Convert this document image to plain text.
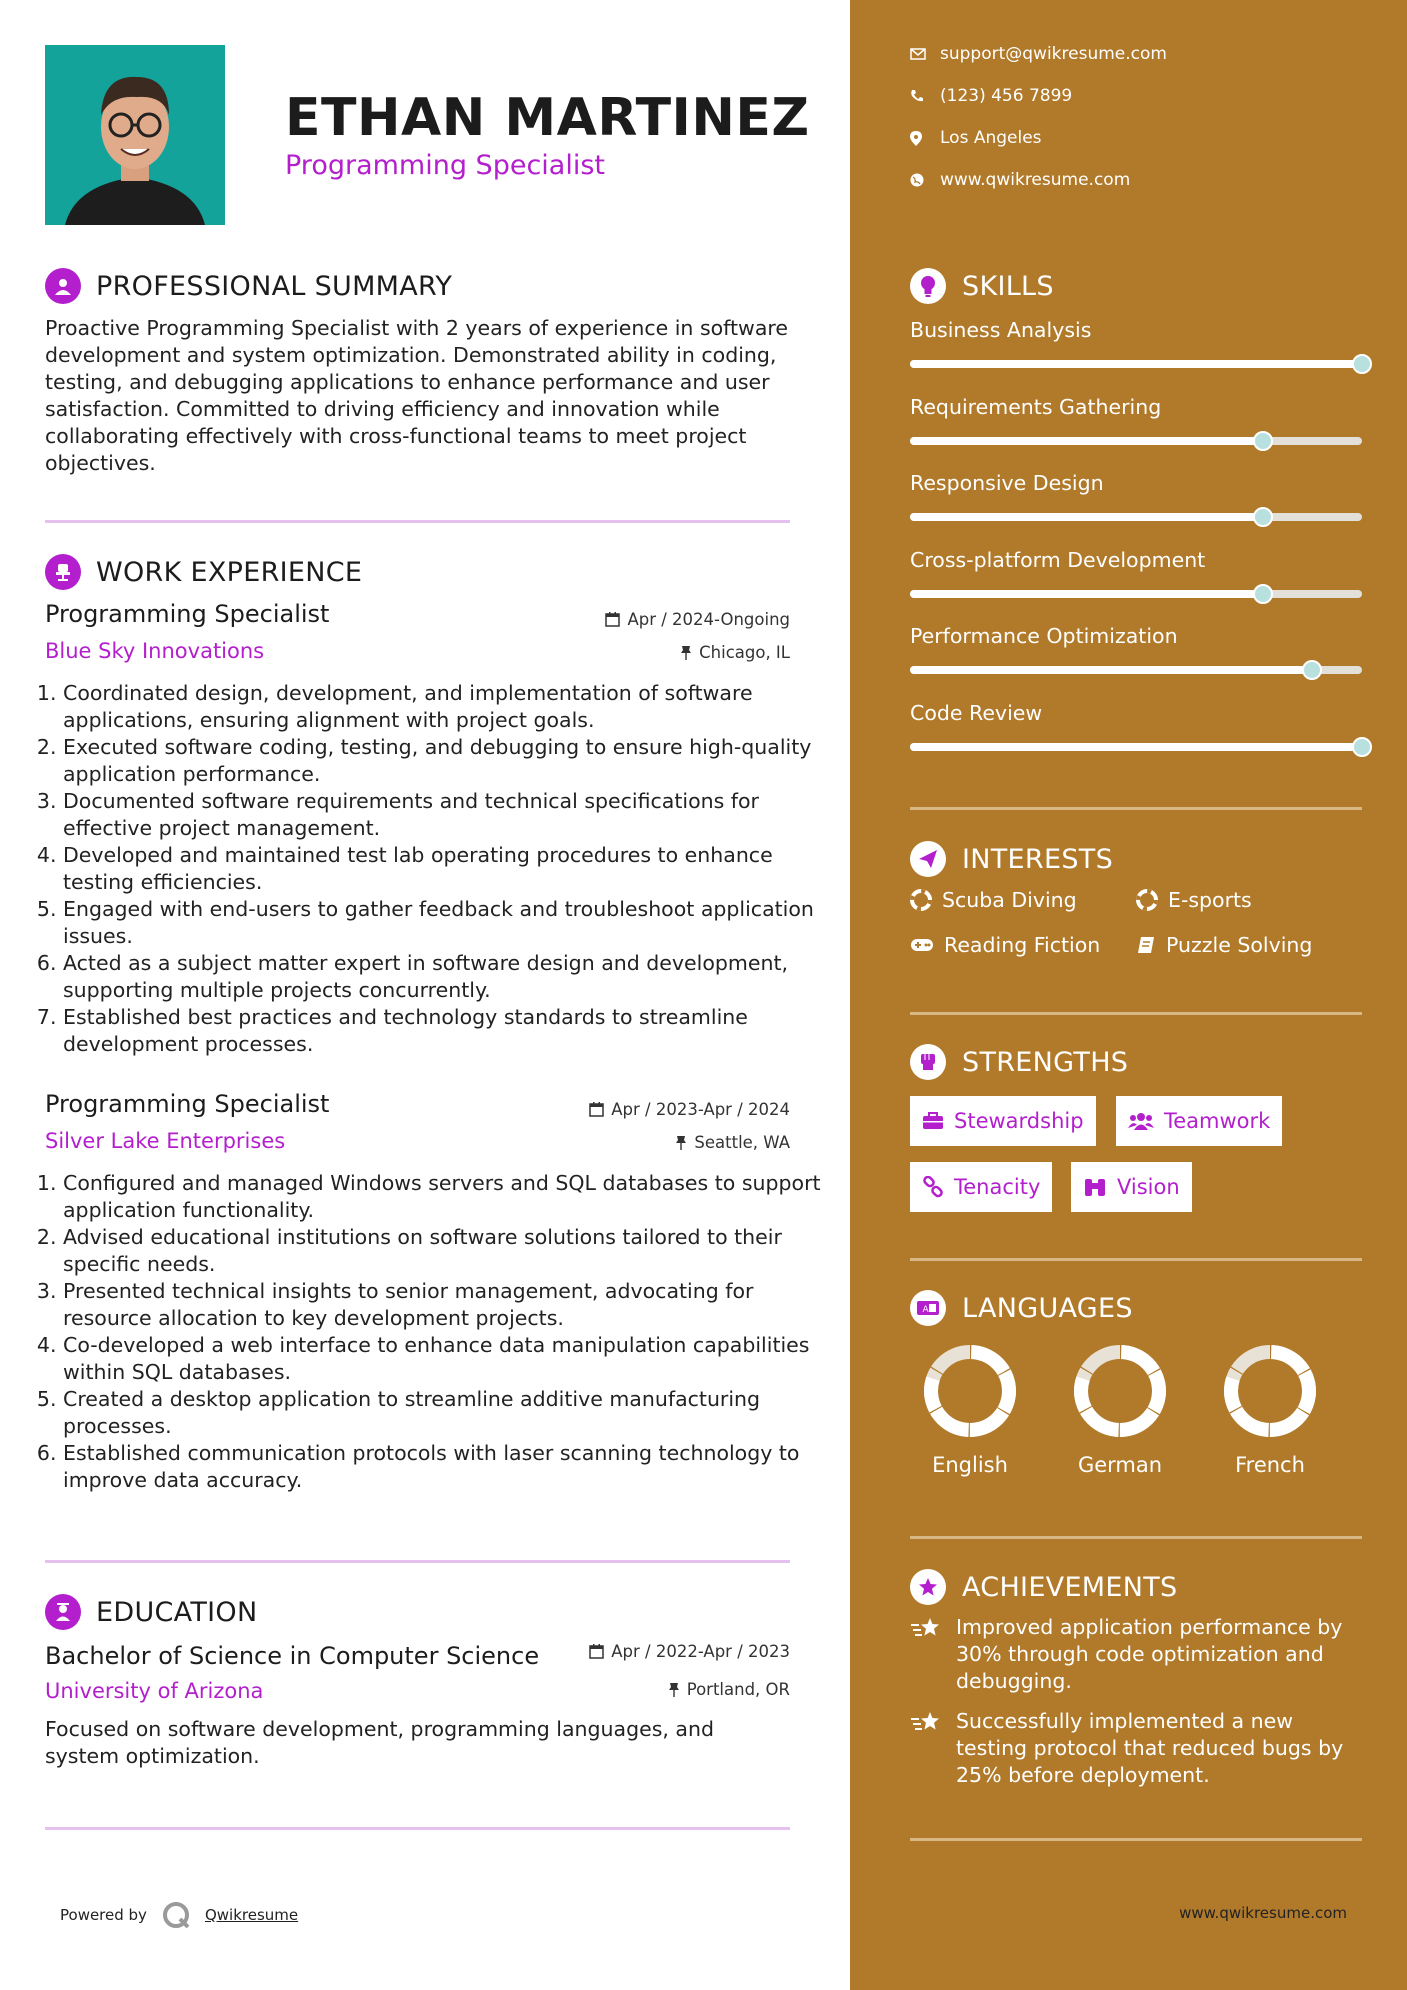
ETHAN MARTINEZ
Programming Specialist
PROFESSIONAL SUMMARY
Proactive Programming Specialist with 2 years of experience in software development and system optimization. Demonstrated ability in coding, testing, and debugging applications to enhance performance and user satisfaction. Committed to driving efficiency and innovation while collaborating effectively with cross-functional teams to meet project objectives.
WORK EXPERIENCE
Programming Specialist	Apr / 2024-Ongoing
Blue Sky Innovations	Chicago, IL
1. Coordinated design, development, and implementation of software applications, ensuring alignment with project goals.
2. Executed software coding, testing, and debugging to ensure high-quality application performance.
3. Documented software requirements and technical specifications for effective project management.
4. Developed and maintained test lab operating procedures to enhance testing efficiencies.
5. Engaged with end-users to gather feedback and troubleshoot application issues.
6. Acted as a subject matter expert in software design and development, supporting multiple projects concurrently.
7. Established best practices and technology standards to streamline development processes.
Programming Specialist	Apr / 2023-Apr / 2024
Silver Lake Enterprises	Seattle, WA
1. Configured and managed Windows servers and SQL databases to support application functionality.
2. Advised educational institutions on software solutions tailored to their specific needs.
3. Presented technical insights to senior management, advocating for resource allocation to key development projects.
4. Co-developed a web interface to enhance data manipulation capabilities within SQL databases.
5. Created a desktop application to streamline additive manufacturing processes.
6. Established communication protocols with laser scanning technology to improve data accuracy.
EDUCATION
Bachelor of Science in Computer Science	Apr / 2022-Apr / 2023
University of Arizona	Portland, OR
Focused on software development, programming languages, and system optimization.
Powered by	Qwikresume
support@qwikresume.com
(123) 456 7899
Los Angeles
www.qwikresume.com
SKILLS
Business Analysis
Requirements Gathering
Responsive Design
Cross-platform Development
Performance Optimization
Code Review
INTERESTS
Scuba Diving	E-sports
Reading Fiction	Puzzle Solving
STRENGTHS
Stewardship	Teamwork
Tenacity	Vision
A LANGUAGES
English	German	French
ACHIEVEMENTS
Improved application performance by 30% through code optimization and debugging.
Successfully implemented a new testing protocol that reduced bugs by 25% before deployment.
www.qwikresume.com
